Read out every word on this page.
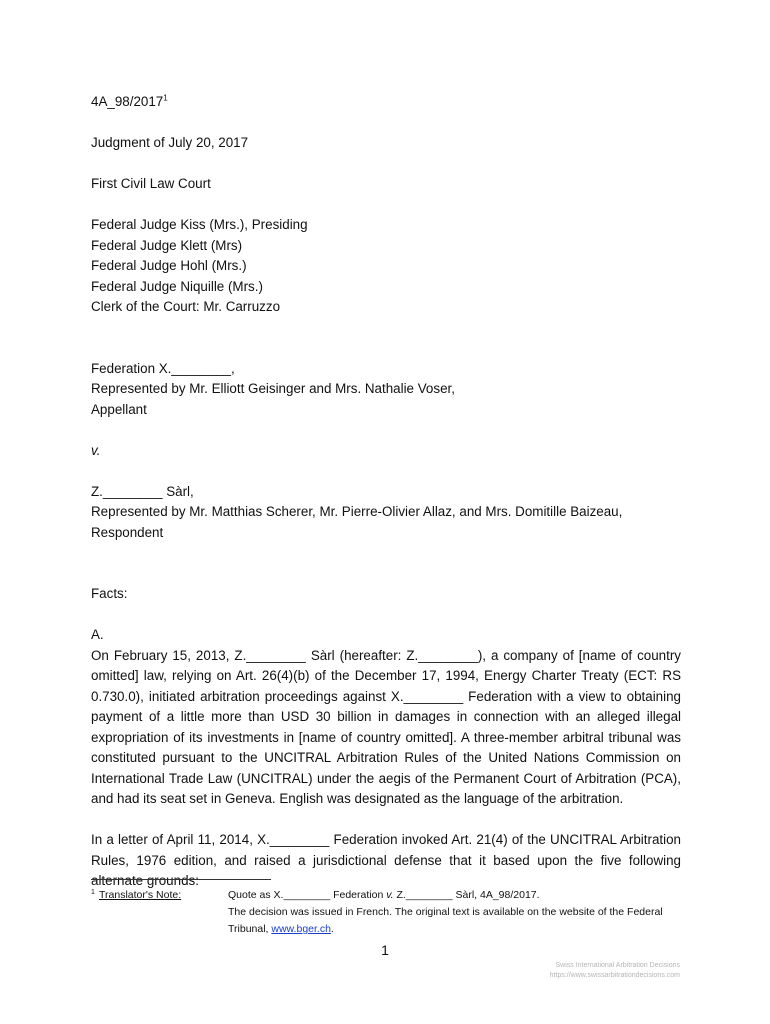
4A_98/2017$^1$

Judgment of July 20, 2017

First Civil Law Court

Federal Judge Kiss (Mrs.), Presiding

Federal Judge Klett (Mrs)

Federal Judge Hohl (Mrs.)

Federal Judge Niquille (Mrs.)

Clerk of the Court: Mr. Carruzzo

Federation X.________,

Represented by Mr. Elliott Geisinger and Mrs. Nathalie Voser,

Appellant

v.

Z.________ Sàrl,

Represented by Mr. Matthias Scherer, Mr. Pierre-Olivier Allaz, and Mrs. Domitille Baizeau,

Respondent

Facts:

A.

On February 15, 2013, Z.________ Sàrl (hereafter: Z.________), a company of [name of country omitted] law, relying on Art. 26(4)(b) of the December 17, 1994, Energy Charter Treaty (ECT: RS 0.730.0), initiated arbitration proceedings against X.________ Federation with a view to obtaining payment of a little more than USD 30 billion in damages in connection with an alleged illegal expropriation of its investments in [name of country omitted]. A three-member arbitral tribunal was constituted pursuant to the UNCITRAL Arbitration Rules of the United Nations Commission on International Trade Law (UNCITRAL) under the aegis of the Permanent Court of Arbitration (PCA), and had its seat set in Geneva. English was designated as the language of the arbitration.

In a letter of April 11, 2014, X.________ Federation invoked Art. 21(4) of the UNCITRAL Arbitration Rules, 1976 edition, and raised a jurisdictional defense that it based upon the five following alternate grounds:

1 Translator's Note:	Quote as X.________ Federation v. Z.________ Sàrl, 4A_98/2017.
The decision was issued in French. The original text is available on the website of the Federal Tribunal, www.bger.ch.
1
Swiss International Arbitration Decisions
https://www.swissarbitrationdecisions.com
